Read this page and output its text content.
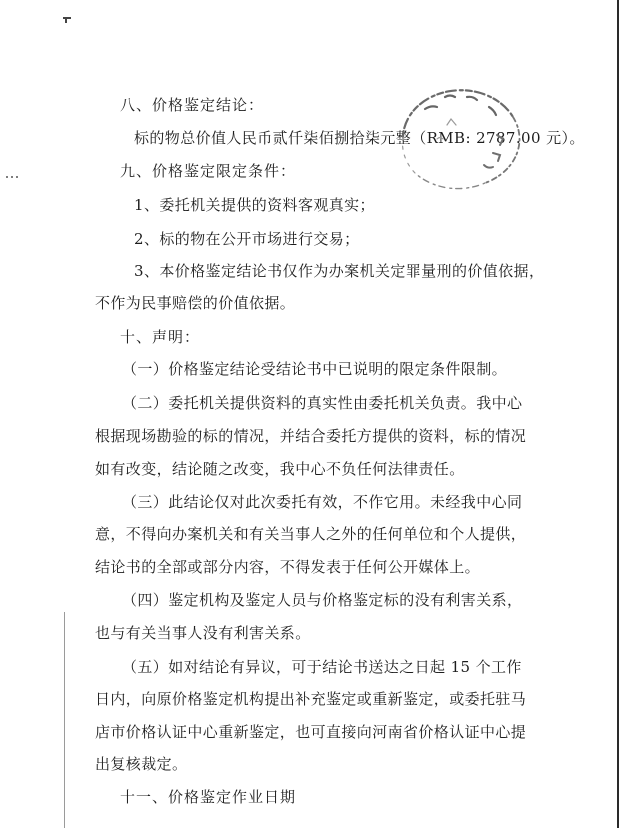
八、价格鉴定结论：
标的物总价值人民币贰仟柒佰捌拾柒元整（RMB: 2787.00 元）。
九、价格鉴定限定条件：
1、委托机关提供的资料客观真实；
2、标的物在公开市场进行交易；
3、本价格鉴定结论书仅作为办案机关定罪量刑的价值依据，
不作为民事赔偿的价值依据。
十、声明：
（一）价格鉴定结论受结论书中已说明的限定条件限制。
（二）委托机关提供资料的真实性由委托机关负责。我中心
根据现场勘验的标的情况，并结合委托方提供的资料，标的情况
如有改变，结论随之改变，我中心不负任何法律责任。
（三）此结论仅对此次委托有效，不作它用。未经我中心同
意，不得向办案机关和有关当事人之外的任何单位和个人提供，
结论书的全部或部分内容，不得发表于任何公开媒体上。
（四）鉴定机构及鉴定人员与价格鉴定标的没有利害关系，
也与有关当事人没有利害关系。
（五）如对结论有异议，可于结论书送达之日起 15 个工作
日内，向原价格鉴定机构提出补充鉴定或重新鉴定，或委托驻马
店市价格认证中心重新鉴定，也可直接向河南省价格认证中心提
出复核裁定。
十一、价格鉴定作业日期
